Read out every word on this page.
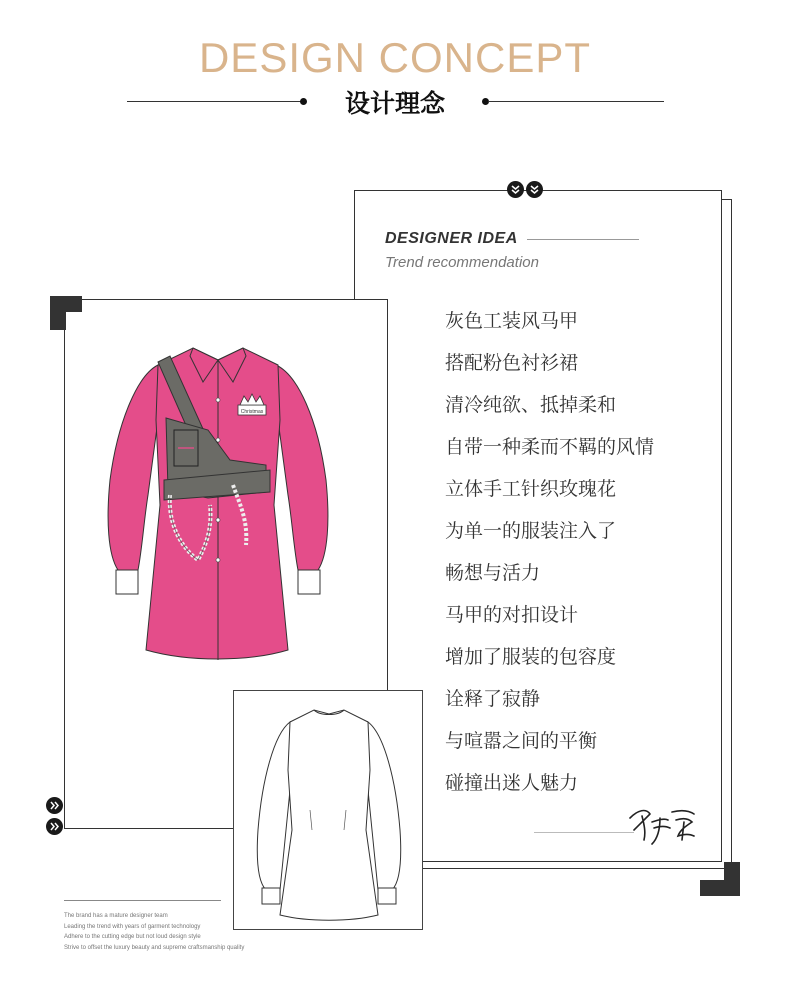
DESIGN CONCEPT
设计理念
DESIGNER IDEA
Trend recommendation
灰色工装风马甲
搭配粉色衬衫裙
清冷纯欲、抵掉柔和
自带一种柔而不羁的风情
立体手工针织玫瑰花
为单一的服装注入了
畅想与活力
马甲的对扣设计
增加了服装的包容度
诠释了寂静
与喧嚣之间的平衡
碰撞出迷人魅力
Christmas
The brand has a mature designer team
Leading the trend with years of garment technology
Adhere to the cutting edge but not loud design style
Strive to offset the luxury beauty and supreme craftsmanship quality
